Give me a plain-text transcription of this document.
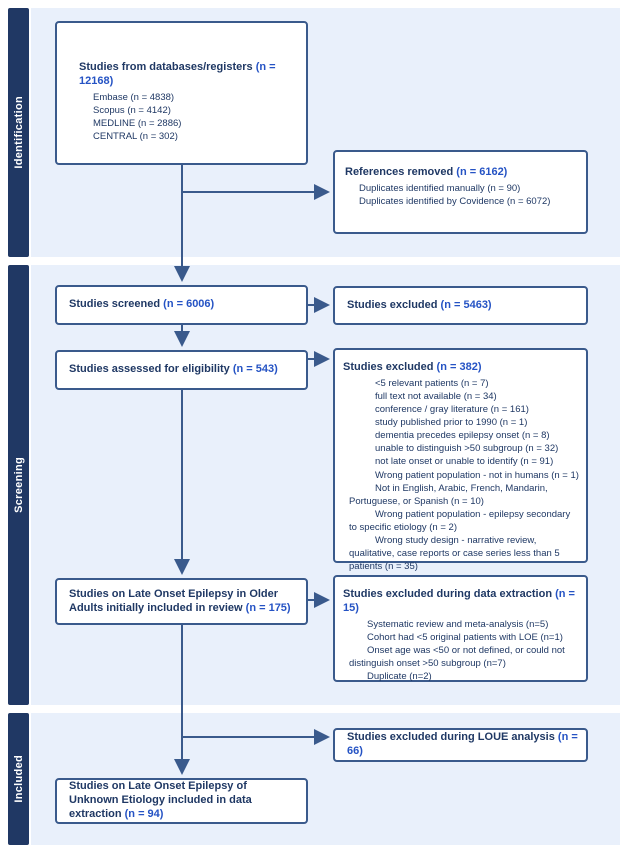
Identification
Screening
Included
Studies from databases/registers (n = 12168)
Embase (n = 4838)
Scopus (n = 4142)
MEDLINE (n = 2886)
CENTRAL (n = 302)
References removed (n = 6162)
Duplicates identified manually (n = 90)
Duplicates identified by Covidence (n = 6072)
Studies screened (n = 6006)	Studies excluded (n = 5463)
Studies assessed for eligibility (n = 543)	Studies excluded (n = 382)
<5 relevant patients (n = 7)
full text not available (n = 34)
conference / gray literature (n = 161)
study published prior to 1990 (n = 1)
dementia precedes epilepsy onset (n = 8)
unable to distinguish >50 subgroup (n = 32)
not late onset or unable to identify (n = 91)
Wrong patient population - not in humans (n = 1)
Not in English, Arabic, French, Mandarin, Portuguese, or Spanish (n = 10)
Wrong patient population - epilepsy secondary to specific etiology (n = 2)
Wrong study design - narrative review, qualitative, case reports or case series less than 5 patients (n = 35)
Studies on Late Onset Epilepsy in Older Adults initially included in review (n = 175)
Studies excluded during data extraction (n = 15)
Systematic review and meta-analysis (n=5)
Cohort had <5 original patients with LOE (n=1)
Onset age was <50 or not defined, or could not distinguish onset >50 subgroup (n=7)
Duplicate (n=2)
Studies excluded during LOUE analysis (n = 66)
Studies on Late Onset Epilepsy of Unknown Etiology included in data extraction (n = 94)
